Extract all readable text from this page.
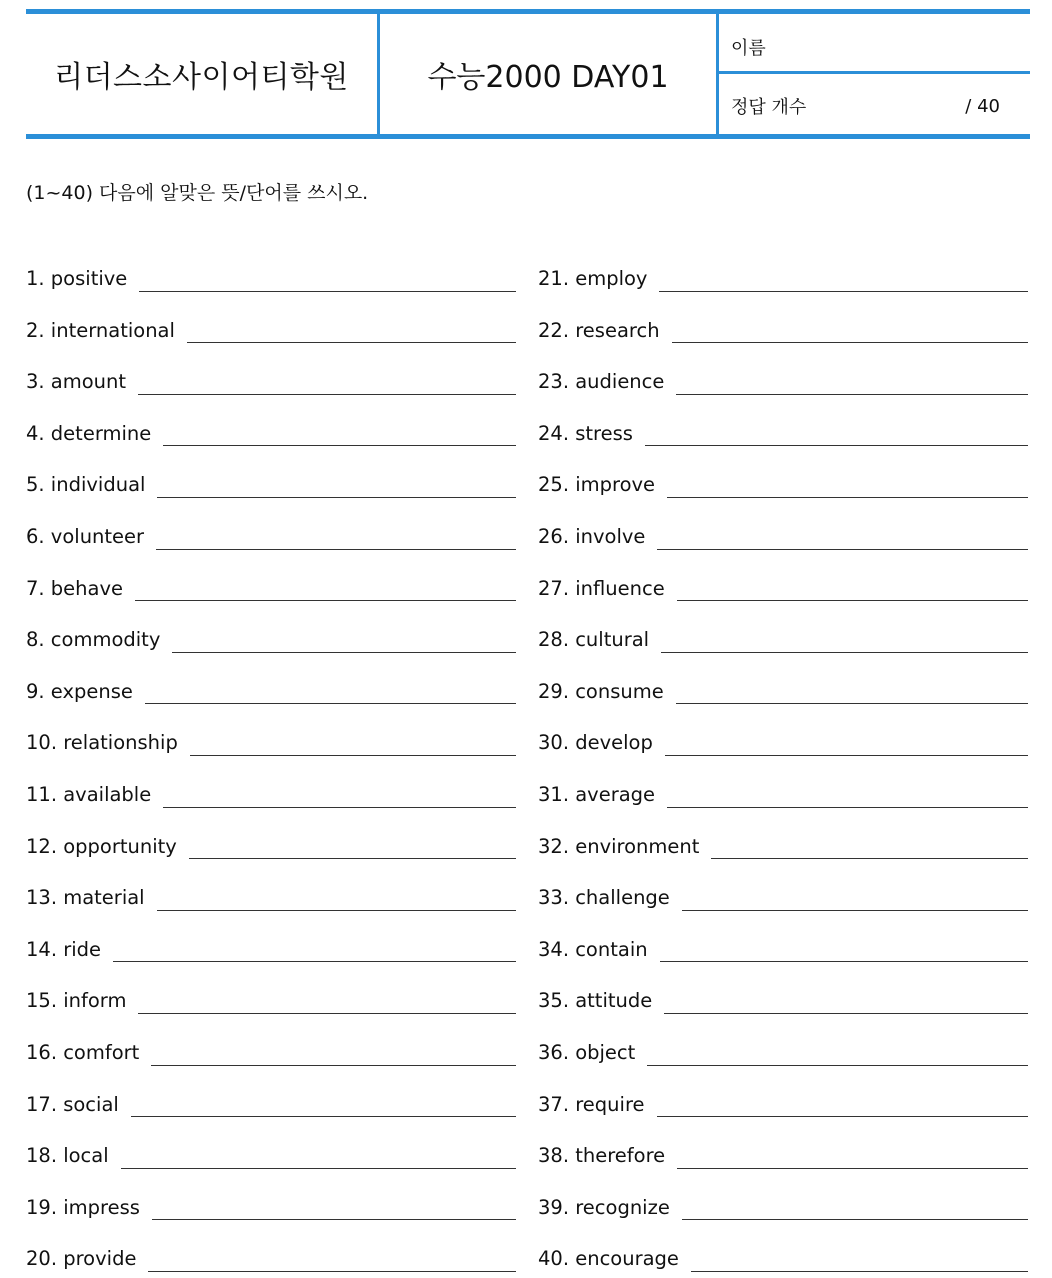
리더스소사이어티학원	수능2000 DAY01
이름
정답 개수	/ 40
(1~40) 다음에 알맞은 뜻/단어를 쓰시오.
1. positive
2. international
3. amount
4. determine
5. individual
6. volunteer
7. behave
8. commodity
9. expense
10. relationship
11. available
12. opportunity
13. material
14. ride
15. inform
16. comfort
17. social
18. local
19. impress
20. provide
21. employ
22. research
23. audience
24. stress
25. improve
26. involve
27. influence
28. cultural
29. consume
30. develop
31. average
32. environment
33. challenge
34. contain
35. attitude
36. object
37. require
38. therefore
39. recognize
40. encourage
